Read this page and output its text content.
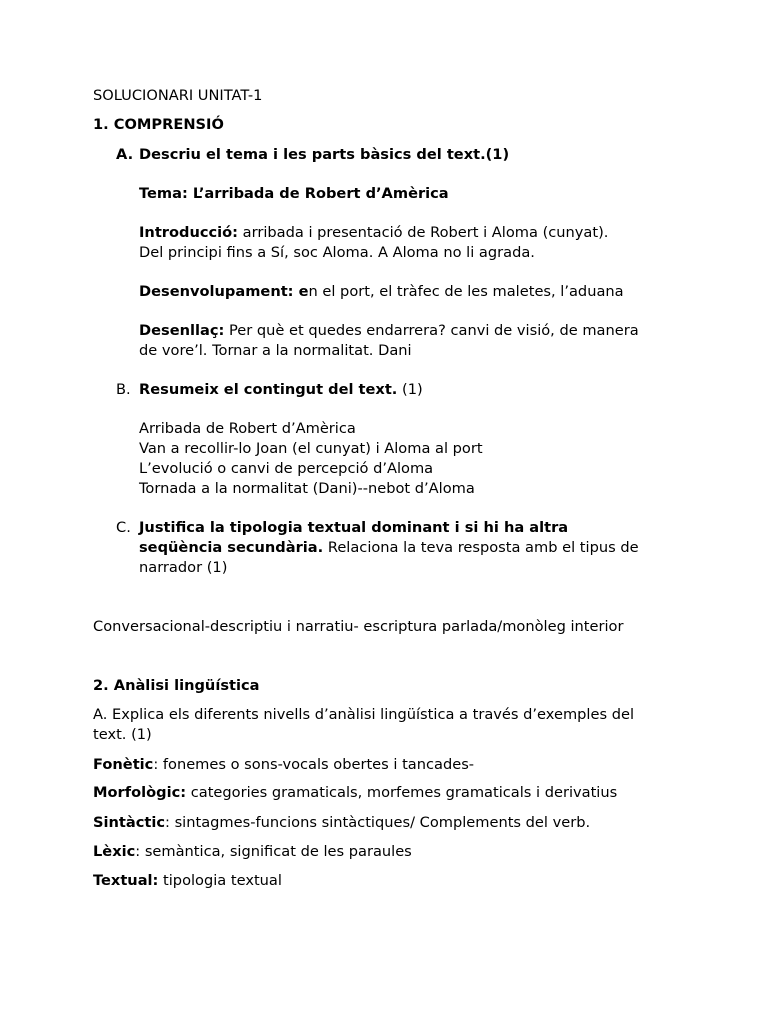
SOLUCIONARI UNITAT-1
1. COMPRENSIÓ
A. Descriu el tema i les parts bàsics del text.(1)
Tema: L’arribada de Robert d’Amèrica
Introducció: arribada i presentació de Robert i Aloma (cunyat).
Del principi fins a Sí, soc Aloma. A Aloma no li agrada.
Desenvolupament: en el port, el tràfec de les maletes, l’aduana
Desenllaç: Per què et quedes endarrera? canvi de visió, de manera
de vore’l. Tornar a la normalitat. Dani
B. Resumeix el contingut del text. (1)
Arribada de Robert d’Amèrica
Van a recollir-lo Joan (el cunyat) i Aloma al port
L’evolució o canvi de percepció d’Aloma
Tornada a la normalitat (Dani)--nebot d’Aloma
C. Justifica la tipologia textual dominant i si hi ha altra
seqüència secundària. Relaciona la teva resposta amb el tipus de
narrador (1)
Conversacional-descriptiu i narratiu- escriptura parlada/monòleg interior
2. Anàlisi lingüística
A. Explica els diferents nivells d’anàlisi lingüística a través d’exemples del
text. (1)
Fonètic: fonemes o sons-vocals obertes i tancades-
Morfològic: categories gramaticals, morfemes gramaticals i derivatius
Sintàctic: sintagmes-funcions sintàctiques/ Complements del verb.
Lèxic: semàntica, significat de les paraules
Textual: tipologia textual
